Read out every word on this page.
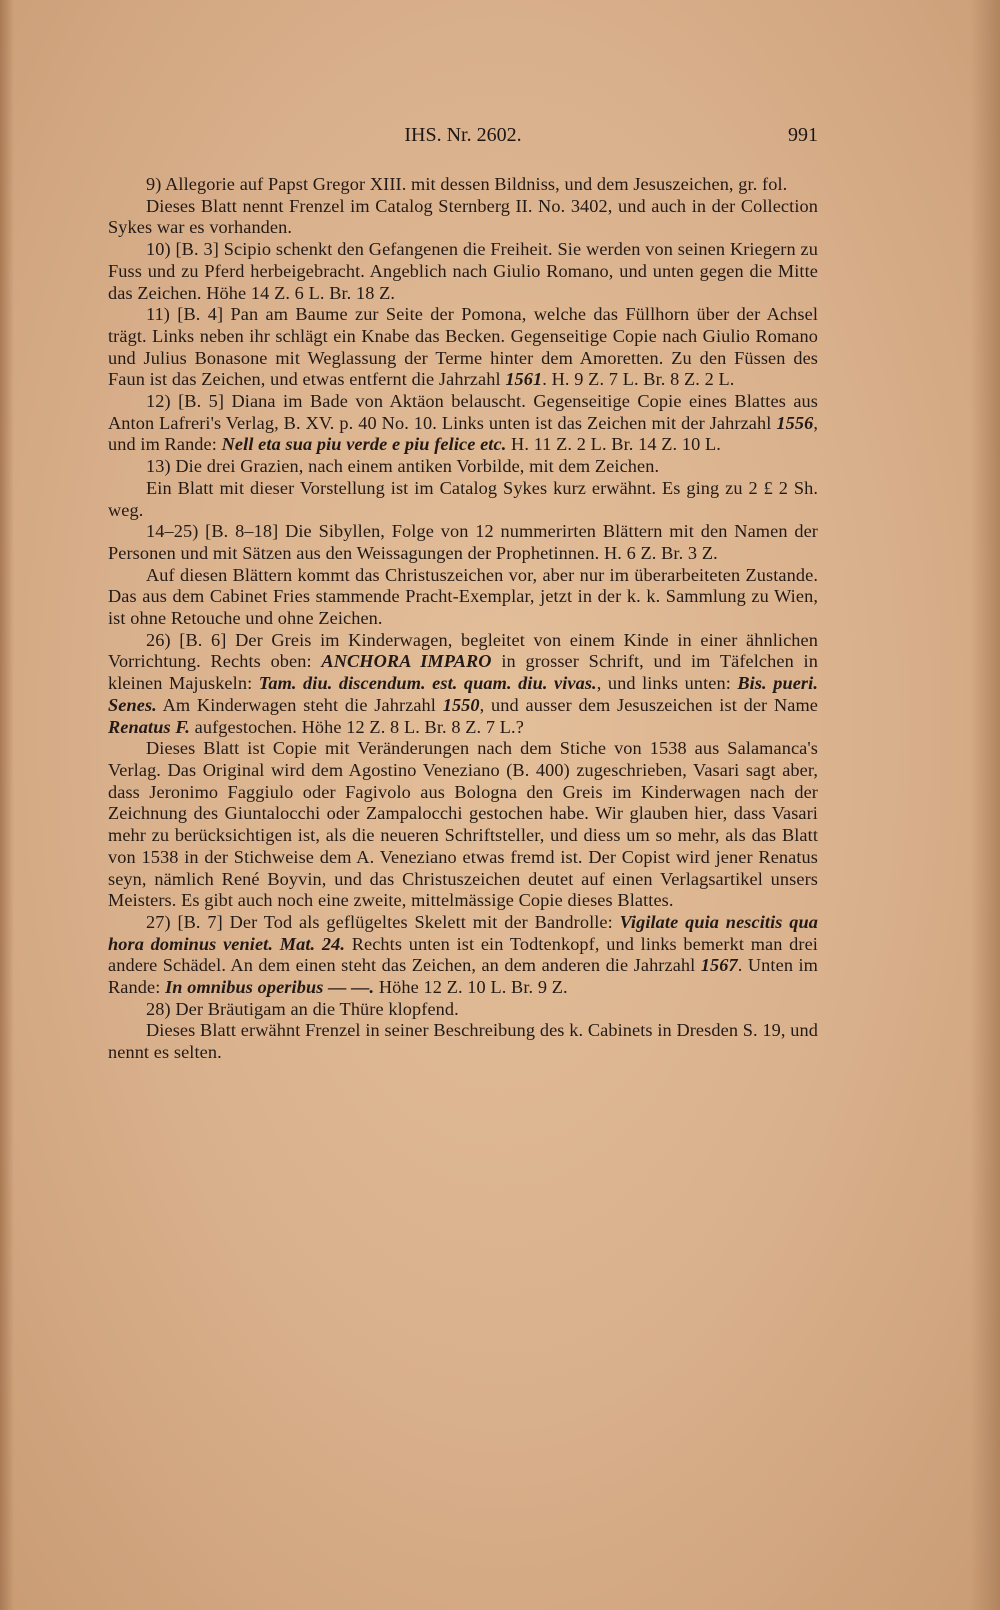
IHS. Nr. 2602.	991

9) Allegorie auf Papst Gregor XIII. mit dessen Bildniss, und dem Jesuszeichen, gr. fol.

Dieses Blatt nennt Frenzel im Catalog Sternberg II. No. 3402, und auch in der Collection Sykes war es vorhanden.

10) [B. 3] Scipio schenkt den Gefangenen die Freiheit. Sie werden von seinen Kriegern zu Fuss und zu Pferd herbeigebracht. Angeblich nach Giulio Romano, und unten gegen die Mitte das Zeichen. Höhe 14 Z. 6 L. Br. 18 Z.

11) [B. 4] Pan am Baume zur Seite der Pomona, welche das Füllhorn über der Achsel trägt. Links neben ihr schlägt ein Knabe das Becken. Gegenseitige Copie nach Giulio Romano und Julius Bonasone mit Weglassung der Terme hinter dem Amoretten. Zu den Füssen des Faun ist das Zeichen, und etwas entfernt die Jahrzahl 1561. H. 9 Z. 7 L. Br. 8 Z. 2 L.

12) [B. 5] Diana im Bade von Aktäon belauscht. Gegenseitige Copie eines Blattes aus Anton Lafreri's Verlag, B. XV. p. 40 No. 10. Links unten ist das Zeichen mit der Jahrzahl 1556, und im Rande: Nell eta sua piu verde e piu felice etc. H. 11 Z. 2 L. Br. 14 Z. 10 L.

13) Die drei Grazien, nach einem antiken Vorbilde, mit dem Zeichen.

Ein Blatt mit dieser Vorstellung ist im Catalog Sykes kurz erwähnt. Es ging zu 2 £ 2 Sh. weg.

14–25) [B. 8–18] Die Sibyllen, Folge von 12 nummerirten Blättern mit den Namen der Personen und mit Sätzen aus den Weissagungen der Prophetinnen. H. 6 Z. Br. 3 Z.

Auf diesen Blättern kommt das Christuszeichen vor, aber nur im überarbeiteten Zustande. Das aus dem Cabinet Fries stammende Pracht-Exemplar, jetzt in der k. k. Sammlung zu Wien, ist ohne Retouche und ohne Zeichen.

26) [B. 6] Der Greis im Kinderwagen, begleitet von einem Kinde in einer ähnlichen Vorrichtung. Rechts oben: ANCHORA IMPARO in grosser Schrift, und im Täfelchen in kleinen Majuskeln: Tam. diu. discendum. est. quam. diu. vivas., und links unten: Bis. pueri. Senes. Am Kinderwagen steht die Jahrzahl 1550, und ausser dem Jesuszeichen ist der Name Renatus F. aufgestochen. Höhe 12 Z. 8 L. Br. 8 Z. 7 L.?

Dieses Blatt ist Copie mit Veränderungen nach dem Stiche von 1538 aus Salamanca's Verlag. Das Original wird dem Agostino Veneziano (B. 400) zugeschrieben, Vasari sagt aber, dass Jeronimo Faggiulo oder Fagivolo aus Bologna den Greis im Kinderwagen nach der Zeichnung des Giuntalocchi oder Zampalocchi gestochen habe. Wir glauben hier, dass Vasari mehr zu berücksichtigen ist, als die neueren Schriftsteller, und diess um so mehr, als das Blatt von 1538 in der Stichweise dem A. Veneziano etwas fremd ist. Der Copist wird jener Renatus seyn, nämlich René Boyvin, und das Christuszeichen deutet auf einen Verlagsartikel unsers Meisters. Es gibt auch noch eine zweite, mittelmässige Copie dieses Blattes.

27) [B. 7] Der Tod als geflügeltes Skelett mit der Bandrolle: Vigilate quia nescitis qua hora dominus veniet. Mat. 24. Rechts unten ist ein Todtenkopf, und links bemerkt man drei andere Schädel. An dem einen steht das Zeichen, an dem anderen die Jahrzahl 1567. Unten im Rande: In omnibus operibus — —. Höhe 12 Z. 10 L. Br. 9 Z.

28) Der Bräutigam an die Thüre klopfend.

Dieses Blatt erwähnt Frenzel in seiner Beschreibung des k. Cabinets in Dresden S. 19, und nennt es selten.
